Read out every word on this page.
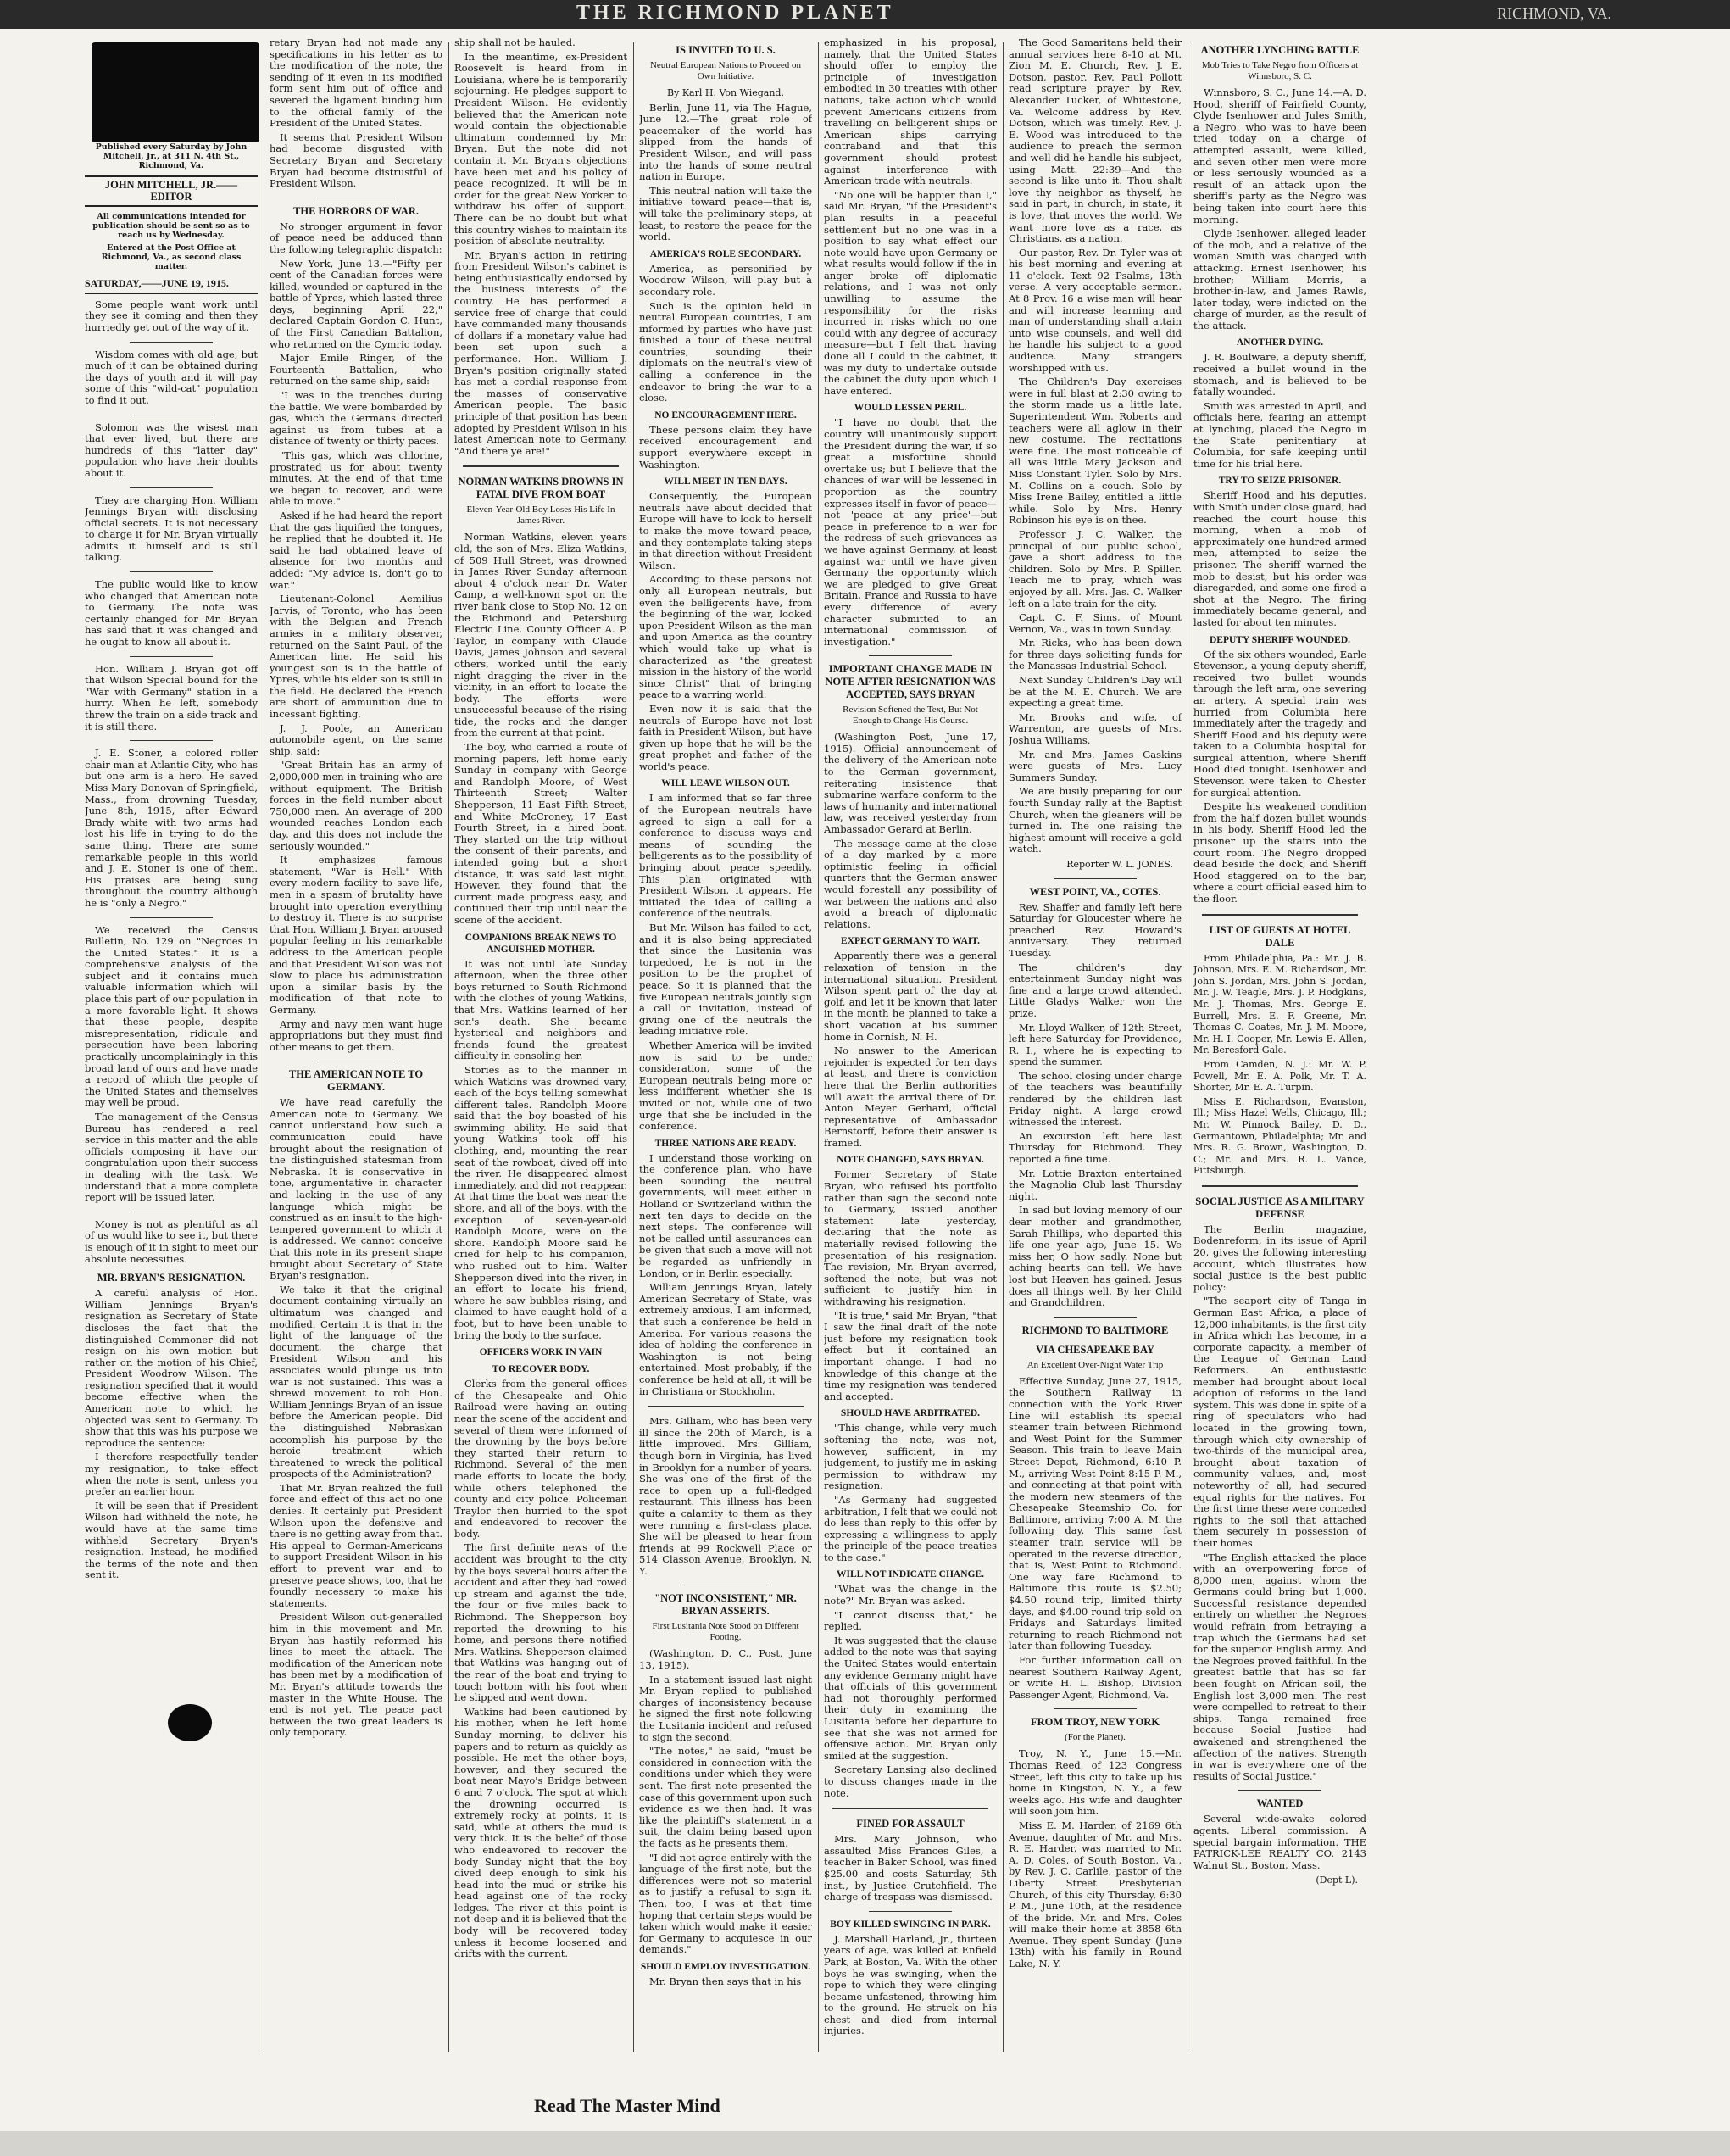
THE RICHMOND PLANET	RICHMOND, VA.
Published every Saturday by John Mitchell, Jr., at 311 N. 4th St., Richmond, Va.
JOHN MITCHELL, JR.——EDITOR
All communications intended for publication should be sent so as to reach us by Wednesday.
Entered at the Post Office at Richmond, Va., as second class matter.
SATURDAY,——JUNE 19, 1915.

Some people want work until they see it coming and then they hurriedly get out of the way of it.

Wisdom comes with old age, but much of it can be obtained during the days of youth and it will pay some of this "wild-cat" population to find it out.

Solomon was the wisest man that ever lived, but there are hundreds of this "latter day" population who have their doubts about it.

They are charging Hon. William Jennings Bryan with disclosing official secrets. It is not necessary to charge it for Mr. Bryan virtually admits it himself and is still talking.

The public would like to know who changed that American note to Germany. The note was certainly changed for Mr. Bryan has said that it was changed and he ought to know all about it.

Hon. William J. Bryan got off that Wilson Special bound for the "War with Germany" station in a hurry. When he left, somebody threw the train on a side track and it is still there.

J. E. Stoner, a colored roller chair man at Atlantic City, who has but one arm is a hero. He saved Miss Mary Donovan of Springfield, Mass., from drowning Tuesday, June 8th, 1915, after Edward Brady white with two arms had lost his life in trying to do the same thing. There are some remarkable people in this world and J. E. Stoner is one of them. His praises are being sung throughout the country although he is "only a Negro."

We received the Census Bulletin, No. 129 on "Negroes in the United States." It is a comprehensive analysis of the subject and it contains much valuable information which will place this part of our population in a more favorable light. It shows that these people, despite misrepresentation, ridicule and persecution have been laboring practically uncomplainingly in this broad land of ours and have made a record of which the people of the United States and themselves may well be proud.

The management of the Census Bureau has rendered a real service in this matter and the able officials composing it have our congratulation upon their success in dealing with the task. We understand that a more complete report will be issued later.

Money is not as plentiful as all of us would like to see it, but there is enough of it in sight to meet our absolute necessities.

MR. BRYAN'S RESIGNATION.

A careful analysis of Hon. William Jennings Bryan's resignation as Secretary of State discloses the fact that the distinguished Commoner did not resign on his own motion but rather on the motion of his Chief, President Woodrow Wilson. The resignation specified that it would become effective when the American note to which he objected was sent to Germany. To show that this was his purpose we reproduce the sentence:

I therefore respectfully tender my resignation, to take effect when the note is sent, unless you prefer an earlier hour.

It will be seen that if President Wilson had withheld the note, he would have at the same time withheld Secretary Bryan's resignation. Instead, he modified the terms of the note and then sent it.

retary Bryan had not made any specifications in his letter as to the modification of the note, the sending of it even in its modified form sent him out of office and severed the ligament binding him to the official family of the President of the United States.

It seems that President Wilson had become disgusted with Secretary Bryan and Secretary Bryan had become distrustful of President Wilson.

THE HORRORS OF WAR.

No stronger argument in favor of peace need be adduced than the following telegraphic dispatch:

New York, June 13.—"Fifty per cent of the Canadian forces were killed, wounded or captured in the battle of Ypres, which lasted three days, beginning April 22," declared Captain Gordon C. Hunt, of the First Canadian Battalion, who returned on the Cymric today.

Major Emile Ringer, of the Fourteenth Battalion, who returned on the same ship, said:

"I was in the trenches during the battle. We were bombarded by gas, which the Germans directed against us from tubes at a distance of twenty or thirty paces.

"This gas, which was chlorine, prostrated us for about twenty minutes. At the end of that time we began to recover, and were able to move."

Asked if he had heard the report that the gas liquified the tongues, he replied that he doubted it. He said he had obtained leave of absence for two months and added: "My advice is, don't go to war."

Lieutenant-Colonel Aemilius Jarvis, of Toronto, who has been with the Belgian and French armies in a military observer, returned on the Saint Paul, of the American line. He said his youngest son is in the battle of Ypres, while his elder son is still in the field. He declared the French are short of ammunition due to incessant fighting.

J. J. Poole, an American automobile agent, on the same ship, said:

"Great Britain has an army of 2,000,000 men in training who are without equipment. The British forces in the field number about 750,000 men. An average of 200 wounded reaches London each day, and this does not include the seriously wounded."

It emphasizes famous statement, "War is Hell." With every modern facility to save life, men in a spasm of brutality have brought into operation everything to destroy it. There is no surprise that Hon. William J. Bryan aroused popular feeling in his remarkable address to the American people and that President Wilson was not slow to place his administration upon a similar basis by the modification of that note to Germany.

Army and navy men want huge appropriations but they must find other means to get them.

THE AMERICAN NOTE TO GERMANY.

We have read carefully the American note to Germany. We cannot understand how such a communication could have brought about the resignation of the distinguished statesman from Nebraska. It is conservative in tone, argumentative in character and lacking in the use of any language which might be construed as an insult to the high-tempered government to which it is addressed. We cannot conceive that this note in its present shape brought about Secretary of State Bryan's resignation.

We take it that the original document containing virtually an ultimatum was changed and modified. Certain it is that in the light of the language of the document, the charge that President Wilson and his associates would plunge us into war is not sustained. This was a shrewd movement to rob Hon. William Jennings Bryan of an issue before the American people. Did the distinguished Nebraskan accomplish his purpose by the heroic treatment which threatened to wreck the political prospects of the Administration?

That Mr. Bryan realized the full force and effect of this act no one denies. It certainly put President Wilson upon the defensive and there is no getting away from that. His appeal to German-Americans to support President Wilson in his effort to prevent war and to preserve peace shows, too, that he foundly necessary to make his statements.

President Wilson out-generalled him in this movement and Mr. Bryan has hastily reformed his lines to meet the attack. The modification of the American note has been met by a modification of Mr. Bryan's attitude towards the master in the White House. The end is not yet. The peace pact between the two great leaders is only temporary.

ship shall not be hauled.

In the meantime, ex-President Roosevelt is heard from in Louisiana, where he is temporarily sojourning. He pledges support to President Wilson. He evidently believed that the American note would contain the objectionable ultimatum condemned by Mr. Bryan. But the note did not contain it. Mr. Bryan's objections have been met and his policy of peace recognized. It will be in order for the great New Yorker to withdraw his offer of support. There can be no doubt but what this country wishes to maintain its position of absolute neutrality.

Mr. Bryan's action in retiring from President Wilson's cabinet is being enthusiastically endorsed by the business interests of the country. He has performed a service free of charge that could have commanded many thousands of dollars if a monetary value had been set upon such a performance. Hon. William J. Bryan's position originally stated has met a cordial response from the masses of conservative American people. The basic principle of that position has been adopted by President Wilson in his latest American note to Germany. "And there ye are!"

NORMAN WATKINS DROWNS IN FATAL DIVE FROM BOAT
Eleven-Year-Old Boy Loses His Life In James River.

Norman Watkins, eleven years old, the son of Mrs. Eliza Watkins, of 509 Hull Street, was drowned in James River Sunday afternoon about 4 o'clock near Dr. Water Camp, a well-known spot on the river bank close to Stop No. 12 on the Richmond and Petersburg Electric Line. County Officer A. P. Taylor, in company with Claude Davis, James Johnson and several others, worked until the early night dragging the river in the vicinity, in an effort to locate the body. The efforts were unsuccessful because of the rising tide, the rocks and the danger from the current at that point.

The boy, who carried a route of morning papers, left home early Sunday in company with George and Randolph Moore, of West Thirteenth Street; Walter Shepperson, 11 East Fifth Street, and White McCroney, 17 East Fourth Street, in a hired boat. They started on the trip without the consent of their parents, and intended going but a short distance, it was said last night. However, they found that the current made progress easy, and continued their trip until near the scene of the accident.

COMPANIONS BREAK NEWS TO ANGUISHED MOTHER.

It was not until late Sunday afternoon, when the three other boys returned to South Richmond with the clothes of young Watkins, that Mrs. Watkins learned of her son's death. She became hysterical and neighbors and friends found the greatest difficulty in consoling her.

Stories as to the manner in which Watkins was drowned vary, each of the boys telling somewhat different tales. Randolph Moore said that the boy boasted of his swimming ability. He said that young Watkins took off his clothing, and, mounting the rear seat of the rowboat, dived off into the river. He disappeared almost immediately, and did not reappear. At that time the boat was near the shore, and all of the boys, with the exception of seven-year-old Randolph Moore, were on the shore. Randolph Moore said he cried for help to his companion, who rushed out to him. Walter Shepperson dived into the river, in an effort to locate his friend, where he saw bubbles rising, and claimed to have caught hold of a foot, but to have been unable to bring the body to the surface.

OFFICERS WORK IN VAIN
TO RECOVER BODY.

Clerks from the general offices of the Chesapeake and Ohio Railroad were having an outing near the scene of the accident and several of them were informed of the drowning by the boys before they started their return to Richmond. Several of the men made efforts to locate the body, while others telephoned the county and city police. Policeman Traylor then hurried to the spot and endeavored to recover the body.

The first definite news of the accident was brought to the city by the boys several hours after the accident and after they had rowed up stream and against the tide, the four or five miles back to Richmond. The Shepperson boy reported the drowning to his home, and persons there notified Mrs. Watkins. Shepperson claimed that Watkins was hanging out of the rear of the boat and trying to touch bottom with his foot when he slipped and went down.

Watkins had been cautioned by his mother, when he left home Sunday morning, to deliver his papers and to return as quickly as possible. He met the other boys, however, and they secured the boat near Mayo's Bridge between 6 and 7 o'clock. The spot at which the drowning occurred is extremely rocky at points, it is said, while at others the mud is very thick. It is the belief of those who endeavored to recover the body Sunday night that the boy dived deep enough to sink his head into the mud or strike his head against one of the rocky ledges. The river at this point is not deep and it is believed that the body will be recovered today unless it become loosened and drifts with the current.

IS INVITED TO U. S.
Neutral European Nations to Proceed on Own Initiative.
By Karl H. Von Wiegand.

Berlin, June 11, via The Hague, June 12.—The great role of peacemaker of the world has slipped from the hands of President Wilson, and will pass into the hands of some neutral nation in Europe.

This neutral nation will take the initiative toward peace—that is, will take the preliminary steps, at least, to restore the peace for the world.

AMERICA'S ROLE SECONDARY.

America, as personified by Woodrow Wilson, will play but a secondary role.

Such is the opinion held in neutral European countries, I am informed by parties who have just finished a tour of these neutral countries, sounding their diplomats on the neutral's view of calling a conference in the endeavor to bring the war to a close.

NO ENCOURAGEMENT HERE.

These persons claim they have received encouragement and support everywhere except in Washington.

WILL MEET IN TEN DAYS.

Consequently, the European neutrals have about decided that Europe will have to look to herself to make the move toward peace, and they contemplate taking steps in that direction without President Wilson.

According to these persons not only all European neutrals, but even the belligerents have, from the beginning of the war, looked upon President Wilson as the man and upon America as the country which would take up what is characterized as "the greatest mission in the history of the world since Christ" that of bringing peace to a warring world.

Even now it is said that the neutrals of Europe have not lost faith in President Wilson, but have given up hope that he will be the great prophet and father of the world's peace.

WILL LEAVE WILSON OUT.

I am informed that so far three of the European neutrals have agreed to sign a call for a conference to discuss ways and means of sounding the belligerents as to the possibility of bringing about peace speedily. This plan originated with President Wilson, it appears. He initiated the idea of calling a conference of the neutrals.

But Mr. Wilson has failed to act, and it is also being appreciated that since the Lusitania was torpedoed, he is not in the position to be the prophet of peace. So it is planned that the five European neutrals jointly sign a call or invitation, instead of giving one of the neutrals the leading initiative role.

Whether America will be invited now is said to be under consideration, some of the European neutrals being more or less indifferent whether she is invited or not, while one of two urge that she be included in the conference.

THREE NATIONS ARE READY.

I understand those working on the conference plan, who have been sounding the neutral governments, will meet either in Holland or Switzerland within the next ten days to decide on the next steps. The conference will not be called until assurances can be given that such a move will not be regarded as unfriendly in London, or in Berlin especially.

William Jennings Bryan, lately American Secretary of State, was extremely anxious, I am informed, that such a conference be held in America. For various reasons the idea of holding the conference in Washington is not being entertained. Most probably, if the conference be held at all, it will be in Christiana or Stockholm.

Mrs. Gilliam, who has been very ill since the 20th of March, is a little improved. Mrs. Gilliam, though born in Virginia, has lived in Brooklyn for a number of years. She was one of the first of the race to open up a full-fledged restaurant. This illness has been quite a calamity to them as they were running a first-class place. She will be pleased to hear from friends at 99 Rockwell Place or 514 Classon Avenue, Brooklyn, N. Y.

"NOT INCONSISTENT," MR. BRYAN ASSERTS.
First Lusitania Note Stood on Different Footing.

(Washington, D. C., Post, June 13, 1915).

In a statement issued last night Mr. Bryan replied to published charges of inconsistency because he signed the first note following the Lusitania incident and refused to sign the second.

"The notes," he said, "must be considered in connection with the conditions under which they were sent. The first note presented the case of this government upon such evidence as we then had. It was like the plaintiff's statement in a suit, the claim being based upon the facts as he presents them.

"I did not agree entirely with the language of the first note, but the differences were not so material as to justify a refusal to sign it. Then, too, I was at that time hoping that certain steps would be taken which would make it easier for Germany to acquiesce in our demands."

SHOULD EMPLOY INVESTIGATION.

Mr. Bryan then says that in his

emphasized in his proposal, namely, that the United States should offer to employ the principle of investigation embodied in 30 treaties with other nations, take action which would prevent Americans citizens from travelling on belligerent ships or American ships carrying contraband and that this government should protest against interference with American trade with neutrals.

"No one will be happier than I," said Mr. Bryan, "if the President's plan results in a peaceful settlement but no one was in a position to say what effect our note would have upon Germany or what results would follow if the in anger broke off diplomatic relations, and I was not only unwilling to assume the responsibility for the risks incurred in risks which no one could with any degree of accuracy measure—but I felt that, having done all I could in the cabinet, it was my duty to undertake outside the cabinet the duty upon which I have entered.

WOULD LESSEN PERIL.

"I have no doubt that the country will unanimously support the President during the war, if so great a misfortune should overtake us; but I believe that the chances of war will be lessened in proportion as the country expresses itself in favor of peace—not 'peace at any price'—but peace in preference to a war for the redress of such grievances as we have against Germany, at least against war until we have given Germany the opportunity which we are pledged to give Great Britain, France and Russia to have every difference of every character submitted to an international commission of investigation."

IMPORTANT CHANGE MADE IN NOTE AFTER RESIGNATION WAS ACCEPTED, SAYS BRYAN
Revision Softened the Text, But Not Enough to Change His Course.

(Washington Post, June 17, 1915). Official announcement of the delivery of the American note to the German government, reiterating insistence that submarine warfare conform to the laws of humanity and international law, was received yesterday from Ambassador Gerard at Berlin.

The message came at the close of a day marked by a more optimistic feeling in official quarters that the German answer would forestall any possibility of war between the nations and also avoid a breach of diplomatic relations.

EXPECT GERMANY TO WAIT.

Apparently there was a general relaxation of tension in the international situation. President Wilson spent part of the day at golf, and let it be known that later in the month he planned to take a short vacation at his summer home in Cornish, N. H.

No answer to the American rejoinder is expected for ten days at least, and there is conviction here that the Berlin authorities will await the arrival there of Dr. Anton Meyer Gerhard, official representative of Ambassador Bernstorff, before their answer is framed.

NOTE CHANGED, SAYS BRYAN.

Former Secretary of State Bryan, who refused his portfolio rather than sign the second note to Germany, issued another statement late yesterday, declaring that the note as materially revised following the presentation of his resignation. The revision, Mr. Bryan averred, softened the note, but was not sufficient to justify him in withdrawing his resignation.

"It is true," said Mr. Bryan, "that I saw the final draft of the note just before my resignation took effect but it contained an important change. I had no knowledge of this change at the time my resignation was tendered and accepted.

SHOULD HAVE ARBITRATED.

"This change, while very much softening the note, was not, however, sufficient, in my judgement, to justify me in asking permission to withdraw my resignation.

"As Germany had suggested arbitration, I felt that we could not do less than reply to this offer by expressing a willingness to apply the principle of the peace treaties to the case."

WILL NOT INDICATE CHANGE.

"What was the change in the note?" Mr. Bryan was asked.

"I cannot discuss that," he replied.

It was suggested that the clause added to the note was that saying the United States would entertain any evidence Germany might have that officials of this government had not thoroughly performed their duty in examining the Lusitania before her departure to see that she was not armed for offensive action. Mr. Bryan only smiled at the suggestion.

Secretary Lansing also declined to discuss changes made in the note.

FINED FOR ASSAULT

Mrs. Mary Johnson, who assaulted Miss Frances Giles, a teacher in Baker School, was fined $25.00 and costs Saturday, 5th inst., by Justice Crutchfield. The charge of trespass was dismissed.

BOY KILLED SWINGING IN PARK.

J. Marshall Harland, Jr., thirteen years of age, was killed at Enfield Park, at Boston, Va. With the other boys he was swinging, when the rope to which they were clinging became unfastened, throwing him to the ground. He struck on his chest and died from internal injuries.

The Good Samaritans held their annual services here 8-10 at Mt. Zion M. E. Church, Rev. J. E. Dotson, pastor. Rev. Paul Pollott read scripture prayer by Rev. Alexander Tucker, of Whitestone, Va. Welcome address by Rev. Dotson, which was timely. Rev. J. E. Wood was introduced to the audience to preach the sermon and well did he handle his subject, using Matt. 22:39—And the second is like unto it. Thou shalt love thy neighbor as thyself, he said in part, in church, in state, it is love, that moves the world. We want more love as a race, as Christians, as a nation.

Our pastor, Rev. Dr. Tyler was at his best morning and evening at 11 o'clock. Text 92 Psalms, 13th verse. A very acceptable sermon. At 8 Prov. 16 a wise man will hear and will increase learning and man of understanding shall attain unto wise counsels, and well did he handle his subject to a good audience. Many strangers worshipped with us.

The Children's Day exercises were in full blast at 2:30 owing to the storm made us a little late. Superintendent Wm. Roberts and teachers were all aglow in their new costume. The recitations were fine. The most noticeable of all was little Mary Jackson and Miss Constant Tyler. Solo by Mrs. M. Collins on a couch. Solo by Miss Irene Bailey, entitled a little while. Solo by Mrs. Henry Robinson his eye is on thee.

Professor J. C. Walker, the principal of our public school, gave a short address to the children. Solo by Mrs. P. Spiller. Teach me to pray, which was enjoyed by all. Mrs. Jas. C. Walker left on a late train for the city.

Capt. C. F. Sims, of Mount Vernon, Va., was in town Sunday.

Mr. Ricks, who has been down for three days soliciting funds for the Manassas Industrial School.

Next Sunday Children's Day will be at the M. E. Church. We are expecting a great time.

Mr. Brooks and wife, of Warrenton, are guests of Mrs. Joshua Williams.

Mr. and Mrs. James Gaskins were guests of Mrs. Lucy Summers Sunday.

We are busily preparing for our fourth Sunday rally at the Baptist Church, when the gleaners will be turned in. The one raising the highest amount will receive a gold watch.

Reporter W. L. JONES.
WEST POINT, VA., COTES.

Rev. Shaffer and family left here Saturday for Gloucester where he preached Rev. Howard's anniversary. They returned Tuesday.

The children's day entertainment Sunday night was fine and a large crowd attended. Little Gladys Walker won the prize.

Mr. Lloyd Walker, of 12th Street, left here Saturday for Providence, R. I., where he is expecting to spend the summer.

The school closing under charge of the teachers was beautifully rendered by the children last Friday night. A large crowd witnessed the interest.

An excursion left here last Thursday for Richmond. They reported a fine time.

Mr. Lottie Braxton entertained the Magnolia Club last Thursday night.

In sad but loving memory of our dear mother and grandmother, Sarah Phillips, who departed this life one year ago, June 15. We miss her, O how sadly. None but aching hearts can tell. We have lost but Heaven has gained. Jesus does all things well. By her Child and Grandchildren.

RICHMOND TO BALTIMORE
VIA CHESAPEAKE BAY
An Excellent Over-Night Water Trip

Effective Sunday, June 27, 1915, the Southern Railway in connection with the York River Line will establish its special steamer train between Richmond and West Point for the Summer Season. This train to leave Main Street Depot, Richmond, 6:10 P. M., arriving West Point 8:15 P. M., and connecting at that point with the modern new steamers of the Chesapeake Steamship Co. for Baltimore, arriving 7:00 A. M. the following day. This same fast steamer train service will be operated in the reverse direction, that is, West Point to Richmond. One way fare Richmond to Baltimore this route is $2.50; $4.50 round trip, limited thirty days, and $4.00 round trip sold on Fridays and Saturdays limited returning to reach Richmond not later than following Tuesday.

For further information call on nearest Southern Railway Agent, or write H. L. Bishop, Division Passenger Agent, Richmond, Va.

FROM TROY, NEW YORK
(For the Planet).

Troy, N. Y., June 15.—Mr. Thomas Reed, of 123 Congress Street, left this city to take up his home in Kingston, N. Y., a few weeks ago. His wife and daughter will soon join him.

Miss E. M. Harder, of 2169 6th Avenue, daughter of Mr. and Mrs. R. E. Harder, was married to Mr. A. D. Coles, of South Boston, Va., by Rev. J. C. Carlile, pastor of the Liberty Street Presbyterian Church, of this city Thursday, 6:30 P. M., June 10th, at the residence of the bride. Mr. and Mrs. Coles will make their home at 3858 6th Avenue. They spent Sunday (June 13th) with his family in Round Lake, N. Y.

ANOTHER LYNCHING BATTLE
Mob Tries to Take Negro from Officers at Winnsboro, S. C.

Winnsboro, S. C., June 14.—A. D. Hood, sheriff of Fairfield County, Clyde Isenhower and Jules Smith, a Negro, who was to have been tried today on a charge of attempted assault, were killed, and seven other men were more or less seriously wounded as a result of an attack upon the sheriff's party as the Negro was being taken into court here this morning.

Clyde Isenhower, alleged leader of the mob, and a relative of the woman Smith was charged with attacking. Ernest Isenhower, his brother; William Morris, a brother-in-law, and James Rawls, later today, were indicted on the charge of murder, as the result of the attack.

ANOTHER DYING.

J. R. Boulware, a deputy sheriff, received a bullet wound in the stomach, and is believed to be fatally wounded.

Smith was arrested in April, and officials here, fearing an attempt at lynching, placed the Negro in the State penitentiary at Columbia, for safe keeping until time for his trial here.

TRY TO SEIZE PRISONER.

Sheriff Hood and his deputies, with Smith under close guard, had reached the court house this morning, when a mob of approximately one hundred armed men, attempted to seize the prisoner. The sheriff warned the mob to desist, but his order was disregarded, and some one fired a shot at the Negro. The firing immediately became general, and lasted for about ten minutes.

DEPUTY SHERIFF WOUNDED.

Of the six others wounded, Earle Stevenson, a young deputy sheriff, received two bullet wounds through the left arm, one severing an artery. A special train was hurried from Columbia here immediately after the tragedy, and Sheriff Hood and his deputy were taken to a Columbia hospital for surgical attention, where Sheriff Hood died tonight. Isenhower and Stevenson were taken to Chester for surgical attention.

Despite his weakened condition from the half dozen bullet wounds in his body, Sheriff Hood led the prisoner up the stairs into the court room. The Negro dropped dead beside the dock, and Sheriff Hood staggered on to the bar, where a court official eased him to the floor.

LIST OF GUESTS AT HOTEL DALE

From Philadelphia, Pa.: Mr. J. B. Johnson, Mrs. E. M. Richardson, Mr. John S. Jordan, Mrs. John S. Jordan, Mr. J. W. Teagle, Mrs. J. P. Hodgkins, Mr. J. Thomas, Mrs. George E. Burrell, Mrs. E. F. Greene, Mr. Thomas C. Coates, Mr. J. M. Moore, Mr. H. I. Cooper, Mr. Lewis E. Allen, Mr. Beresford Gale.

From Camden, N. J.: Mr. W. P. Powell, Mr. E. A. Polk, Mr. T. A. Shorter, Mr. E. A. Turpin.

Miss E. Richardson, Evanston, Ill.; Miss Hazel Wells, Chicago, Ill.; Mr. W. Pinnock Bailey, D. D., Germantown, Philadelphia; Mr. and Mrs. R. G. Brown, Washington, D. C.; Mr. and Mrs. R. L. Vance, Pittsburgh.

SOCIAL JUSTICE AS A MILITARY DEFENSE

The Berlin magazine, Bodenreform, in its issue of April 20, gives the following interesting account, which illustrates how social justice is the best public policy:

"The seaport city of Tanga in German East Africa, a place of 12,000 inhabitants, is the first city in Africa which has become, in a corporate capacity, a member of the League of German Land Reformers. An enthusiastic member had brought about local adoption of reforms in the land system. This was done in spite of a ring of speculators who had located in the growing town, through which city ownership of two-thirds of the municipal area, brought about taxation of community values, and, most noteworthy of all, had secured equal rights for the natives. For the first time these were conceded rights to the soil that attached them securely in possession of their homes.

"The English attacked the place with an overpowering force of 8,000 men, against whom the Germans could bring but 1,000. Successful resistance depended entirely on whether the Negroes would refrain from betraying a trap which the Germans had set for the superior English army. And the Negroes proved faithful. In the greatest battle that has so far been fought on African soil, the English lost 3,000 men. The rest were compelled to retreat to their ships. Tanga remained free because Social Justice had awakened and strengthened the affection of the natives. Strength in war is everywhere one of the results of Social Justice."

WANTED

Several wide-awake colored agents. Liberal commission. A special bargain information. THE PATRICK-LEE REALTY CO. 2143 Walnut St., Boston, Mass.

(Dept L).
Read The Master Mind
